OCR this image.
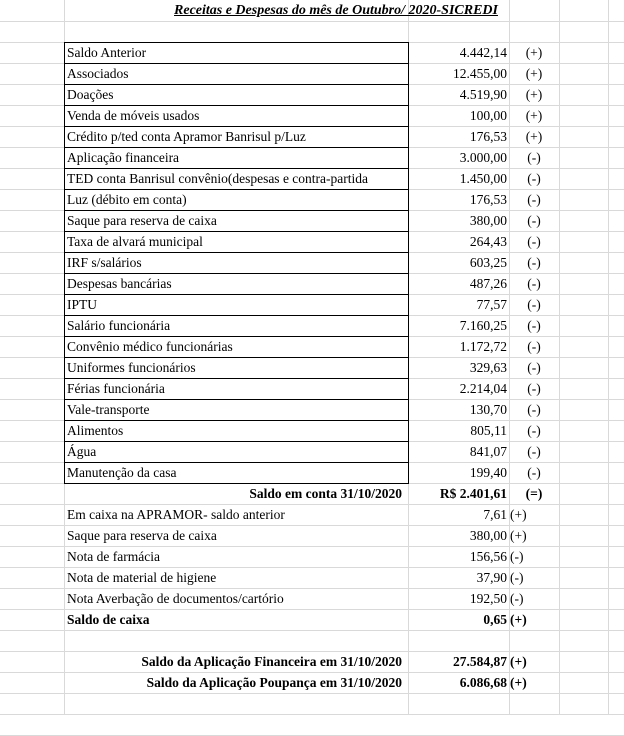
Receitas e Despesas do mês de Outubro/ 2020-SICREDI
Saldo Anterior	4.442,14	(+)
Associados	12.455,00	(+)
Doações	4.519,90	(+)
Venda de móveis usados	100,00	(+)
Crédito p/ted conta Apramor Banrisul p/Luz	176,53	(+)
Aplicação financeira	3.000,00	(-)
TED conta Banrisul convênio(despesas e contra-partida	1.450,00	(-)
Luz (débito em conta)	176,53	(-)
Saque para reserva de caixa	380,00	(-)
Taxa de alvará municipal	264,43	(-)
IRF s/salários	603,25	(-)
Despesas bancárias	487,26	(-)
IPTU	77,57	(-)
Salário funcionária	7.160,25	(-)
Convênio médico funcionárias	1.172,72	(-)
Uniformes funcionários	329,63	(-)
Férias funcionária	2.214,04	(-)
Vale-transporte	130,70	(-)
Alimentos	805,11	(-)
Água	841,07	(-)
Manutenção da casa	199,40	(-)
Saldo em conta 31/10/2020	R$ 2.401,61	(=)
Em caixa na APRAMOR- saldo anterior	7,61 (+)
Saque para reserva de caixa	380,00 (+)
Nota de farmácia	156,56 (-)
Nota de material de higiene	37,90 (-)
Nota Averbação de documentos/cartório	192,50 (-)
Saldo de caixa	0,65 (+)
Saldo da Aplicação Financeira em 31/10/2020	27.584,87 (+)
Saldo da Aplicação Poupança em 31/10/2020	6.086,68 (+)
